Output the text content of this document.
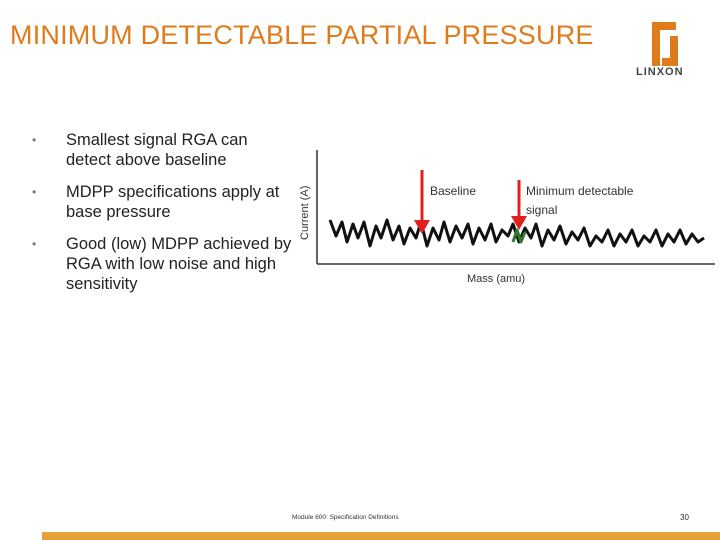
MINIMUM DETECTABLE PARTIAL PRESSURE
LINXON
• Smallest signal RGA can detect above baseline
• MDPP specifications apply at base pressure
• Good (low) MDPP achieved by RGA with low noise and high sensitivity
Current (A)
Mass (amu)
Baseline	Minimum detectable
signal
Module 600: Specification Definitions	30
